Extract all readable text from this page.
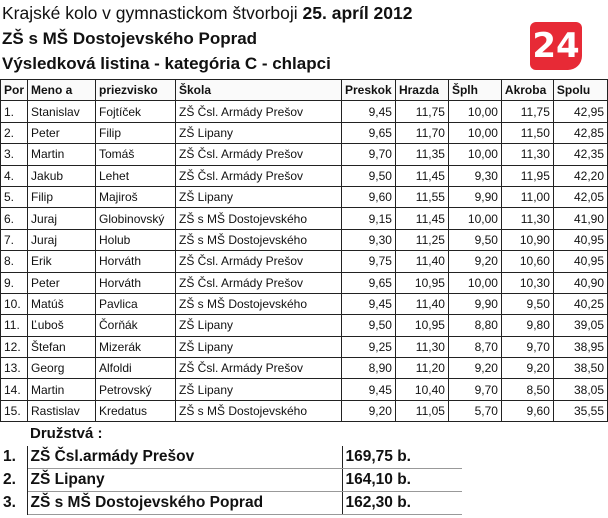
Krajské kolo v gymnastickom štvorboji 25. apríl 2012
ZŠ s MŠ Dostojevského Poprad
Výsledková listina - kategória C - chlapci	24
Por	Meno a	priezvisko	Škola	Preskok	Hrazda	Šplh	Akroba	Spolu
1.	Stanislav	Fojtíček	ZŠ Čsl. Armády Prešov	9,45	11,75	10,00	11,75	42,95
2.	Peter	Filip	ZŠ Lipany	9,65	11,70	10,00	11,50	42,85
3.	Martin	Tomáš	ZŠ Čsl. Armády Prešov	9,70	11,35	10,00	11,30	42,35
4.	Jakub	Lehet	ZŠ Čsl. Armády Prešov	9,50	11,45	9,30	11,95	42,20
5.	Filip	Majiroš	ZŠ Lipany	9,60	11,55	9,90	11,00	42,05
6.	Juraj	Globinovský	ZŠ s MŠ Dostojevského	9,15	11,45	10,00	11,30	41,90
7.	Juraj	Holub	ZŠ s MŠ Dostojevského	9,30	11,25	9,50	10,90	40,95
8.	Erik	Horváth	ZŠ Čsl. Armády Prešov	9,75	11,40	9,20	10,60	40,95
9.	Peter	Horváth	ZŠ Čsl. Armády Prešov	9,65	10,95	10,00	10,30	40,90
10.	Matúš	Pavlica	ZŠ s MŠ Dostojevského	9,45	11,40	9,90	9,50	40,25
11.	Ľuboš	Čorňák	ZŠ Lipany	9,50	10,95	8,80	9,80	39,05
12.	Štefan	Mizerák	ZŠ Lipany	9,25	11,30	8,70	9,70	38,95
13.	Georg	Alfoldi	ZŠ Čsl. Armády Prešov	8,90	11,20	9,20	9,20	38,50
14.	Martin	Petrovský	ZŠ Lipany	9,45	10,40	9,70	8,50	38,05
15.	Rastislav	Kredatus	ZŠ s MŠ Dostojevského	9,20	11,05	5,70	9,60	35,55
Družstvá :
1.	ZŠ Čsl.armády Prešov	169,75 b.
2.	ZŠ Lipany	164,10 b.
3.	ZŠ s MŠ Dostojevského Poprad	162,30 b.
